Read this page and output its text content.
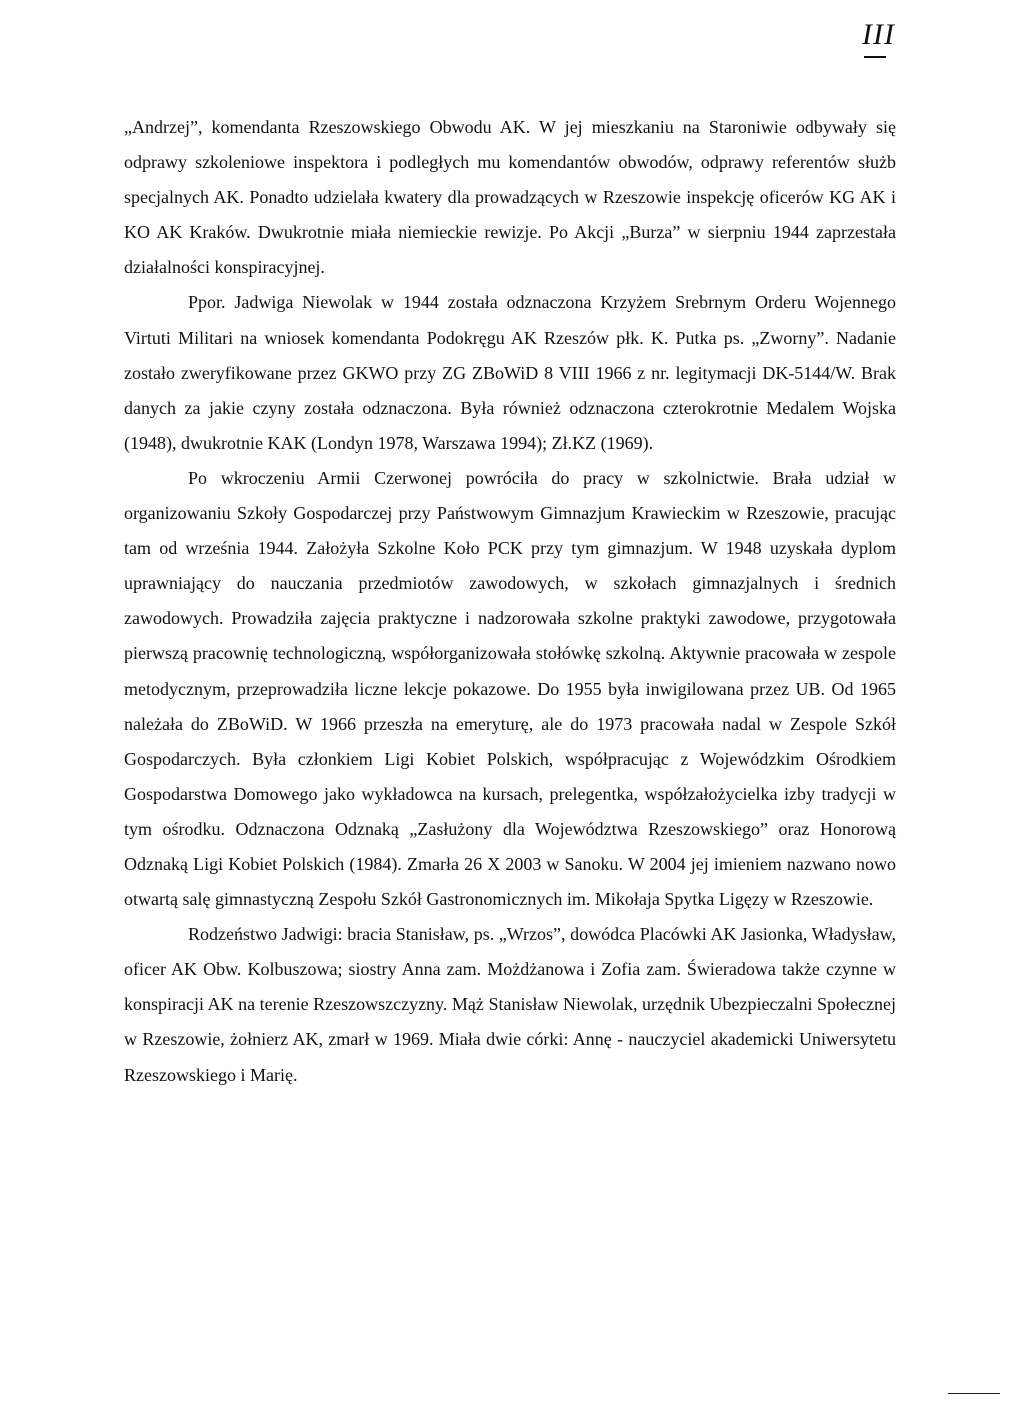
III

„Andrzej”, komendanta Rzeszowskiego Obwodu AK. W jej mieszkaniu na Staroniwie odbywały się odprawy szkoleniowe inspektora i podległych mu komendantów obwodów, odprawy referentów służb specjalnych AK. Ponadto udzielała kwatery dla prowadzących w Rzeszowie inspekcję oficerów KG AK i KO AK Kraków. Dwukrotnie miała niemieckie rewizje. Po Akcji „Burza” w sierpniu 1944 zaprzestała działalności konspiracyjnej.

Ppor. Jadwiga Niewolak w 1944 została odznaczona Krzyżem Srebrnym Orderu Wojennego Virtuti Militari na wniosek komendanta Podokręgu AK Rzeszów płk. K. Putka ps. „Zworny”. Nadanie zostało zweryfikowane przez GKWO przy ZG ZBoWiD 8 VIII 1966 z nr. legitymacji DK-5144/W. Brak danych za jakie czyny została odznaczona. Była również odznaczona czterokrotnie Medalem Wojska (1948), dwukrotnie KAK (Londyn 1978, Warszawa 1994); Zł.KZ (1969).

Po wkroczeniu Armii Czerwonej powróciła do pracy w szkolnictwie. Brała udział w organizowaniu Szkoły Gospodarczej przy Państwowym Gimnazjum Krawieckim w Rzeszowie, pracując tam od września 1944. Założyła Szkolne Koło PCK przy tym gimnazjum. W 1948 uzyskała dyplom uprawniający do nauczania przedmiotów zawodowych, w szkołach gimnazjalnych i średnich zawodowych. Prowadziła zajęcia praktyczne i nadzorowała szkolne praktyki zawodowe, przygotowała pierwszą pracownię technologiczną, współorganizowała stołówkę szkolną. Aktywnie pracowała w zespole metodycznym, przeprowadziła liczne lekcje pokazowe. Do 1955 była inwigilowana przez UB. Od 1965 należała do ZBoWiD. W 1966 przeszła na emeryturę, ale do 1973 pracowała nadal w Zespole Szkół Gospodarczych. Była członkiem Ligi Kobiet Polskich, współpracując z Wojewódzkim Ośrodkiem Gospodarstwa Domowego jako wykładowca na kursach, prelegentka, współzałożycielka izby tradycji w tym ośrodku. Odznaczona Odznaką „Zasłużony dla Województwa Rzeszowskiego” oraz Honorową Odznaką Ligi Kobiet Polskich (1984). Zmarła 26 X 2003 w Sanoku. W 2004 jej imieniem nazwano nowo otwartą salę gimnastyczną Zespołu Szkół Gastronomicznych im. Mikołaja Spytka Ligęzy w Rzeszowie.

Rodzeństwo Jadwigi: bracia Stanisław, ps. „Wrzos”, dowódca Placówki AK Jasionka, Władysław, oficer AK Obw. Kolbuszowa; siostry Anna zam. Możdżanowa i Zofia zam. Świeradowa także czynne w konspiracji AK na terenie Rzeszowszczyzny. Mąż Stanisław Niewolak, urzędnik Ubezpieczalni Społecznej w Rzeszowie, żołnierz AK, zmarł w 1969. Miała dwie córki: Annę - nauczyciel akademicki Uniwersytetu Rzeszowskiego i Marię.
